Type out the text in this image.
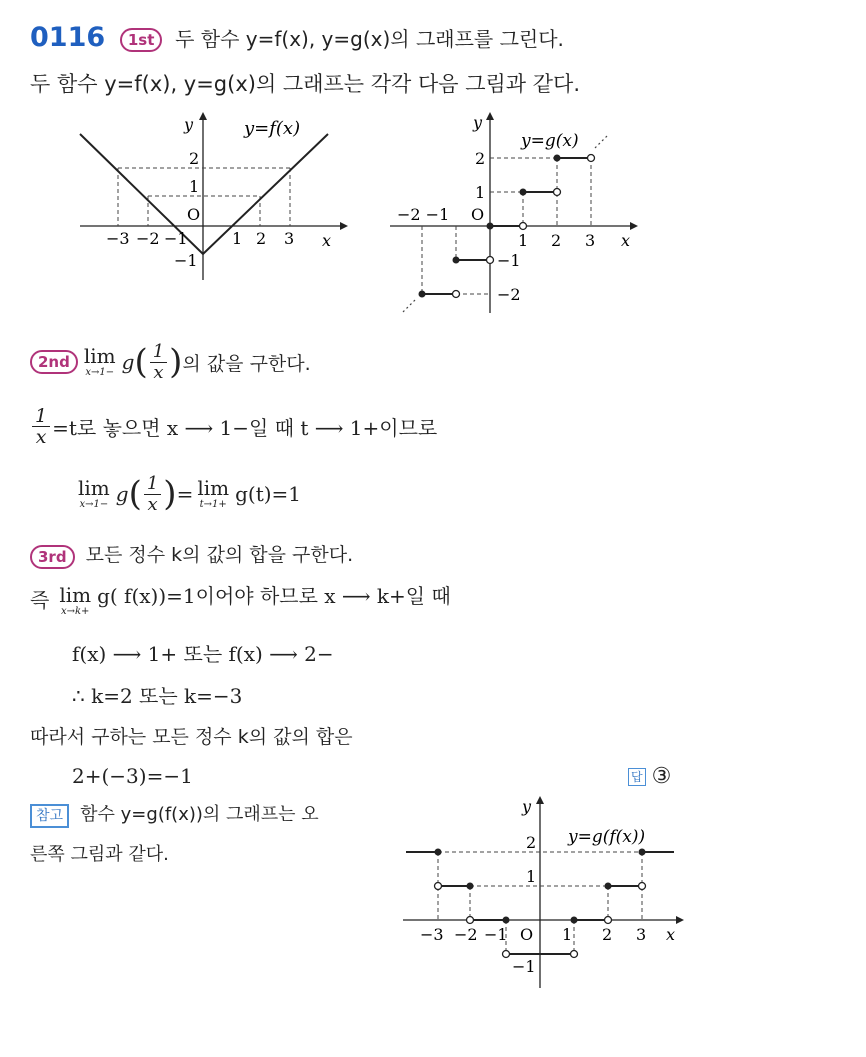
0116 1st 두 함수 y=f(x), y=g(x)의 그래프를 그린다.
두 함수 y=f(x), y=g(x)의 그래프는 각각 다음 그림과 같다.
y=f(x)
y
x
O
2
1
−1
−3 −2 −1	1 2 3
y=g(x)
y
x
O
−2 −1
1 2 3
2
1
−1
−2
2nd lim
x→1− g ( $\frac{1}{x}$ ) 의 값을 구한다.
$\frac{1}{x} =t$로 놓으면 x ⟶ 1−일 때 t ⟶ 1+이므로
lim
x→1− g ( $\frac{1}{x}$ ) = lim
t→1+ g(t)=1
3rd 모든 정수 k의 값의 합을 구한다.
즉 lim
x→k+
g( f(x))=1이어야 하므로 x ⟶ k+일 때
f(x) ⟶ 1+ 또는 f(x) ⟶ 2−
∴ k=2 또는 k=−3
따라서 구하는 모든 정수 k의 값의 합은
2+(−3)=−1	답 ③
참고 함수 y=g(f(x))의 그래프는 오
른쪽 그림과 같다.
y=g(f(x))
y
x
O
2
1
−1
−3 −2 −1	1 2 3
